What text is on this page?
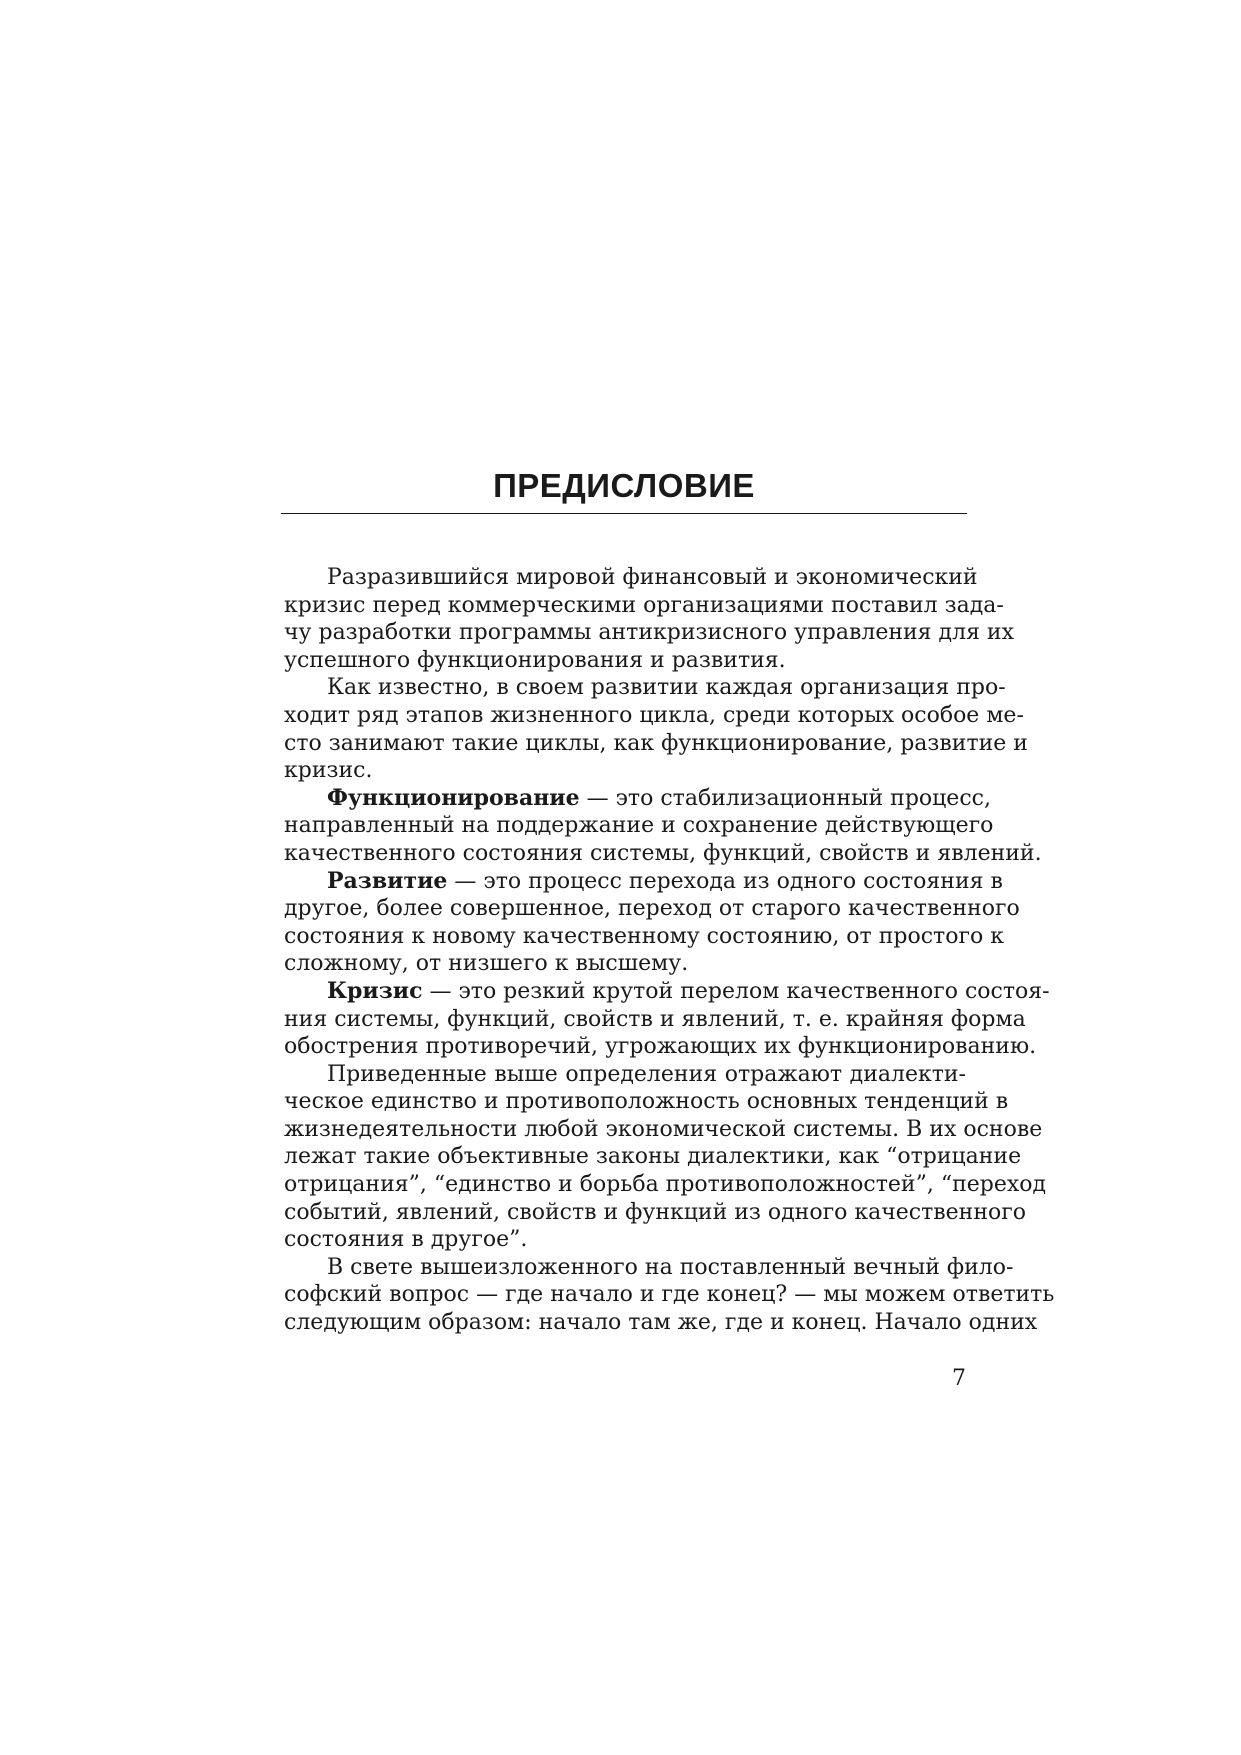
ПРЕДИСЛОВИЕ
Разразившийся мировой финансовый и экономический
кризис перед коммерческими организациями поставил зада-
чу разработки программы антикризисного управления для их
успешного функционирования и развития.
Как известно, в своем развитии каждая организация про-
ходит ряд этапов жизненного цикла, среди которых особое ме-
сто занимают такие циклы, как функционирование, развитие и
кризис.
Функционирование — это стабилизационный процесс,
направленный на поддержание и сохранение действующего
качественного состояния системы, функций, свойств и явлений.
Развитие — это процесс перехода из одного состояния в
другое, более совершенное, переход от старого качественного
состояния к новому качественному состоянию, от простого к
сложному, от низшего к высшему.
Кризис — это резкий крутой перелом качественного состоя-
ния системы, функций, свойств и явлений, т. е. крайняя форма
обострения противоречий, угрожающих их функционированию.
Приведенные выше определения отражают диалекти-
ческое единство и противоположность основных тенденций в
жизнедеятельности любой экономической системы. В их основе
лежат такие объективные законы диалектики, как “отрицание
отрицания”, “единство и борьба противоположностей”, “переход
событий, явлений, свойств и функций из одного качественного
состояния в другое”.
В свете вышеизложенного на поставленный вечный фило-
софский вопрос — где начало и где конец? — мы можем ответить
следующим образом: начало там же, где и конец. Начало одних
7
